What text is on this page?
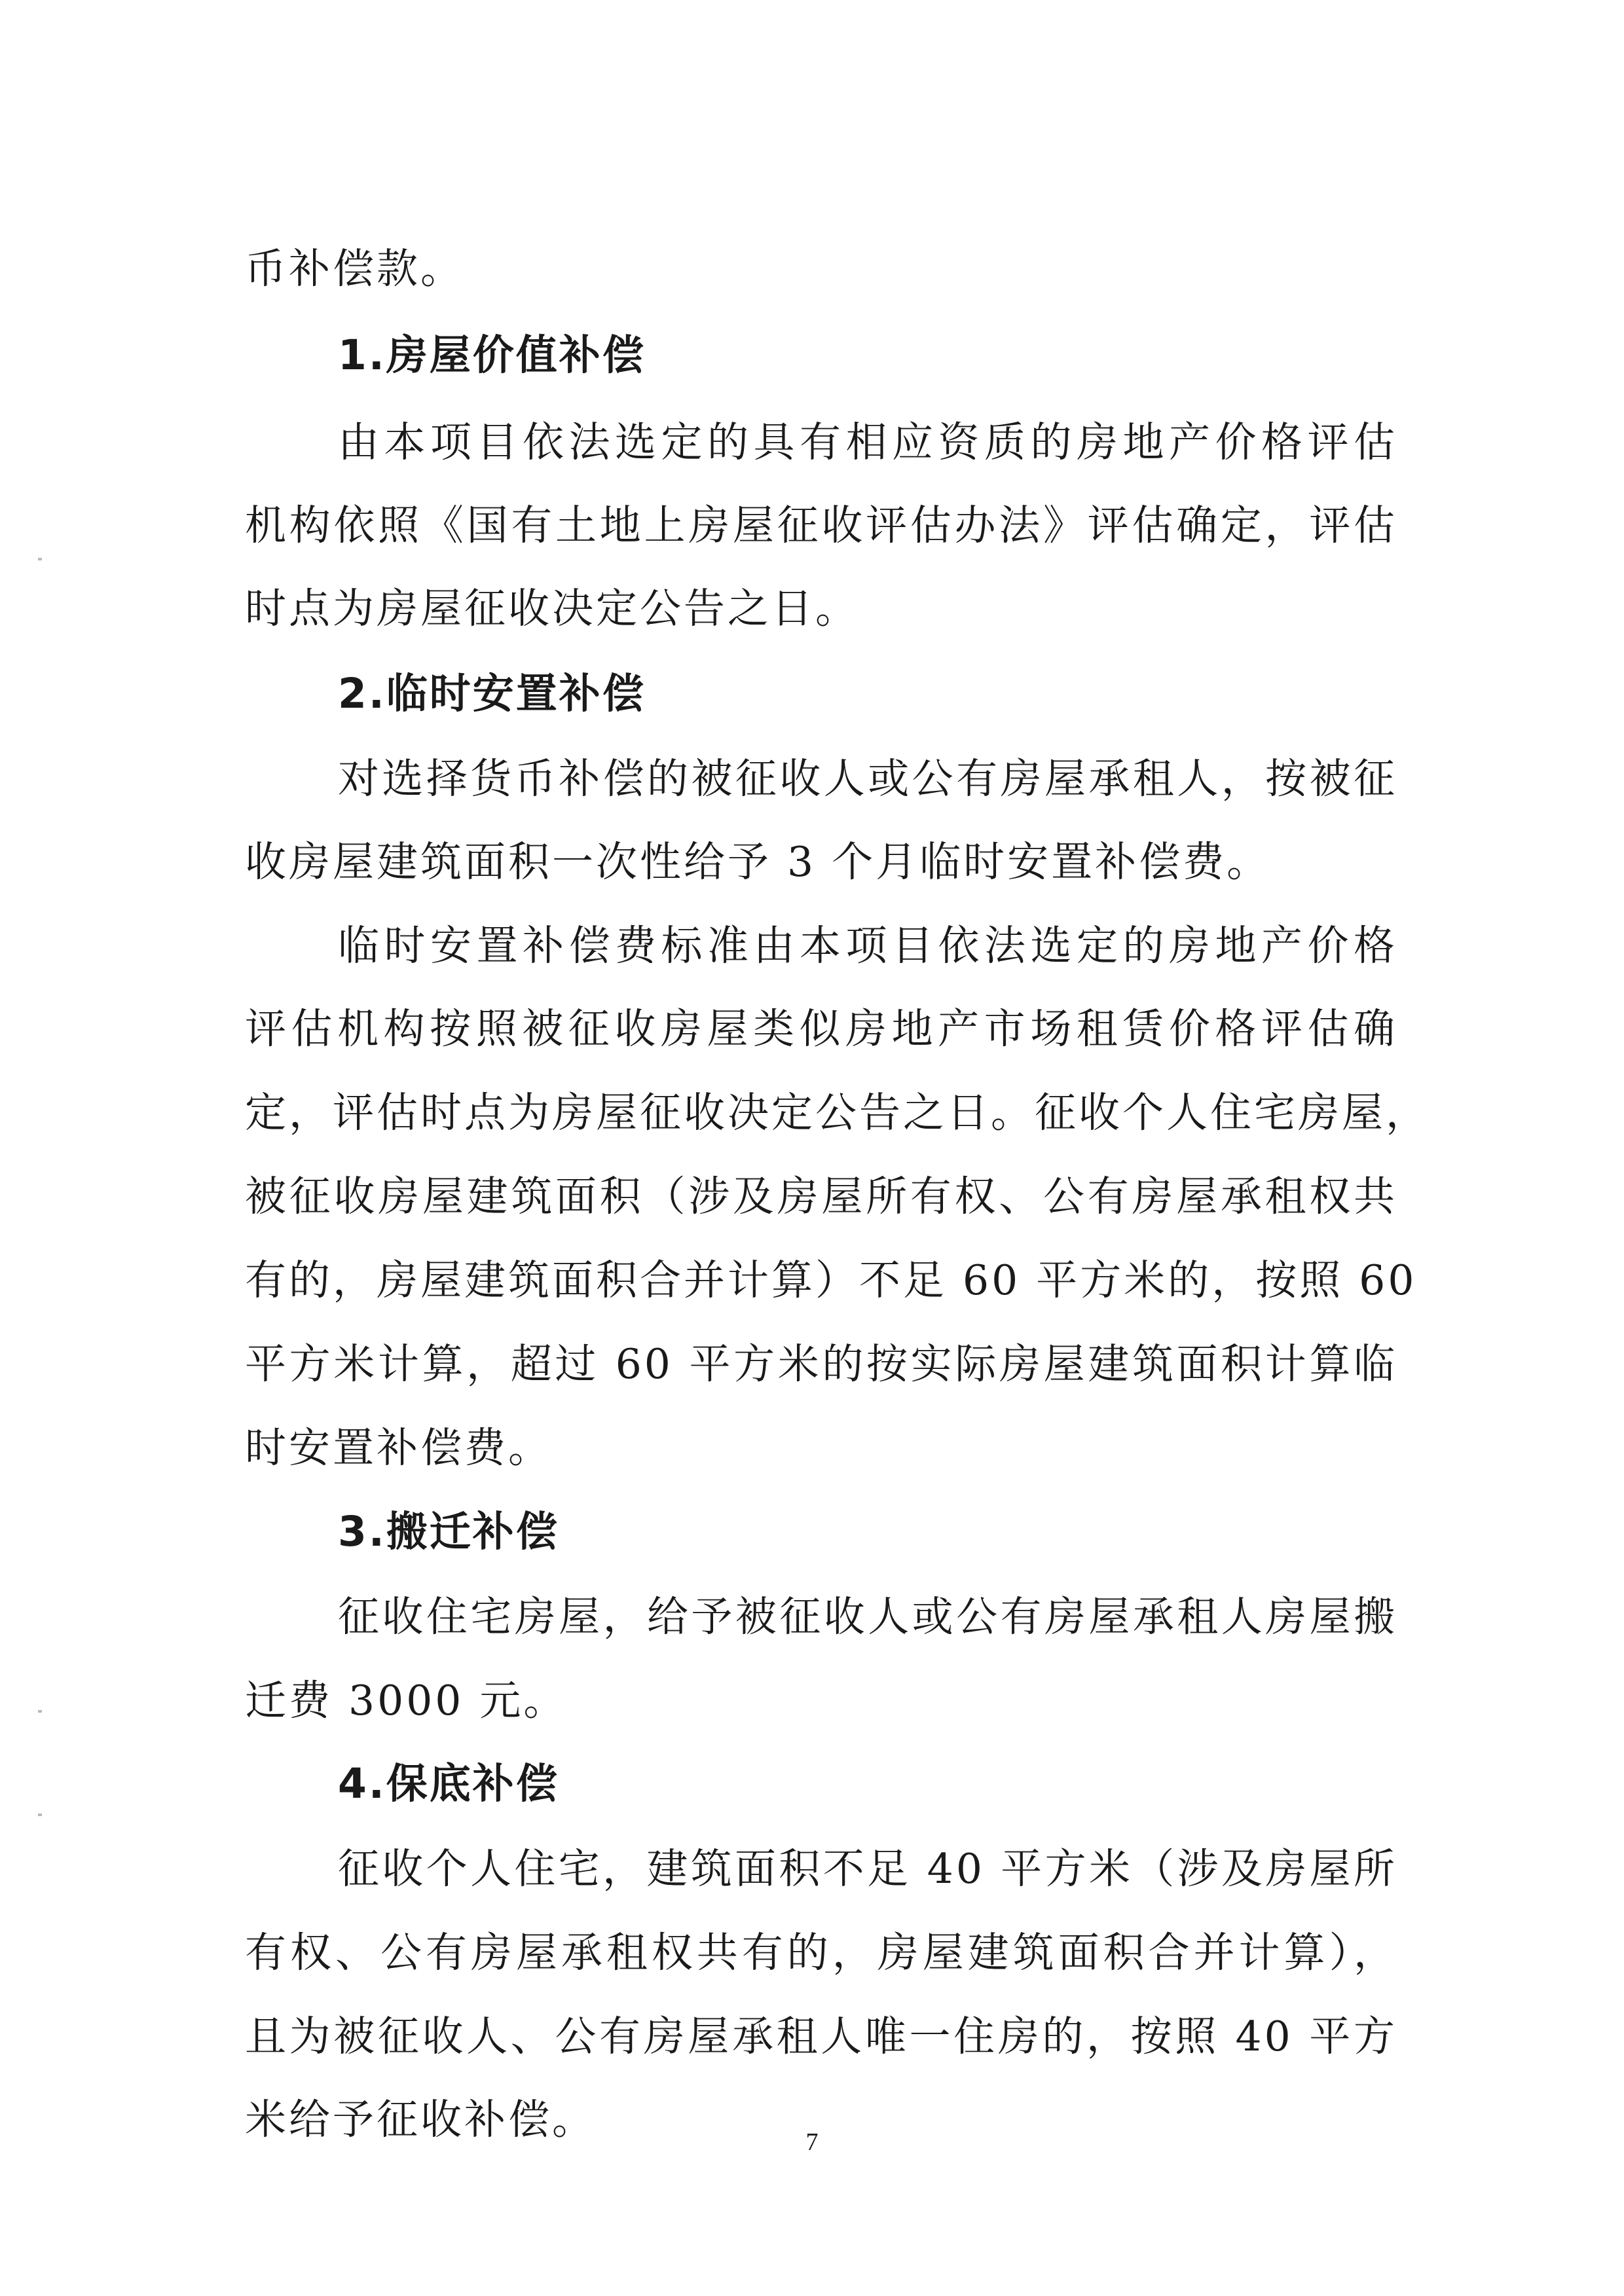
币补偿款。
1.房屋价值补偿
由本项目依法选定的具有相应资质的房地产价格评估
机构依照《国有土地上房屋征收评估办法》评估确定，评估
时点为房屋征收决定公告之日。
2.临时安置补偿
对选择货币补偿的被征收人或公有房屋承租人，按被征
收房屋建筑面积一次性给予 3 个月临时安置补偿费。
临时安置补偿费标准由本项目依法选定的房地产价格
评估机构按照被征收房屋类似房地产市场租赁价格评估确
定，评估时点为房屋征收决定公告之日。征收个人住宅房屋，
被征收房屋建筑面积（涉及房屋所有权、公有房屋承租权共
有的，房屋建筑面积合并计算）不足 60 平方米的，按照 60
平方米计算，超过 60 平方米的按实际房屋建筑面积计算临
时安置补偿费。
3.搬迁补偿
征收住宅房屋，给予被征收人或公有房屋承租人房屋搬
迁费 3000 元。
4.保底补偿
征收个人住宅，建筑面积不足 40 平方米（涉及房屋所
有权、公有房屋承租权共有的，房屋建筑面积合并计算），
且为被征收人、公有房屋承租人唯一住房的，按照 40 平方
米给予征收补偿。	7
